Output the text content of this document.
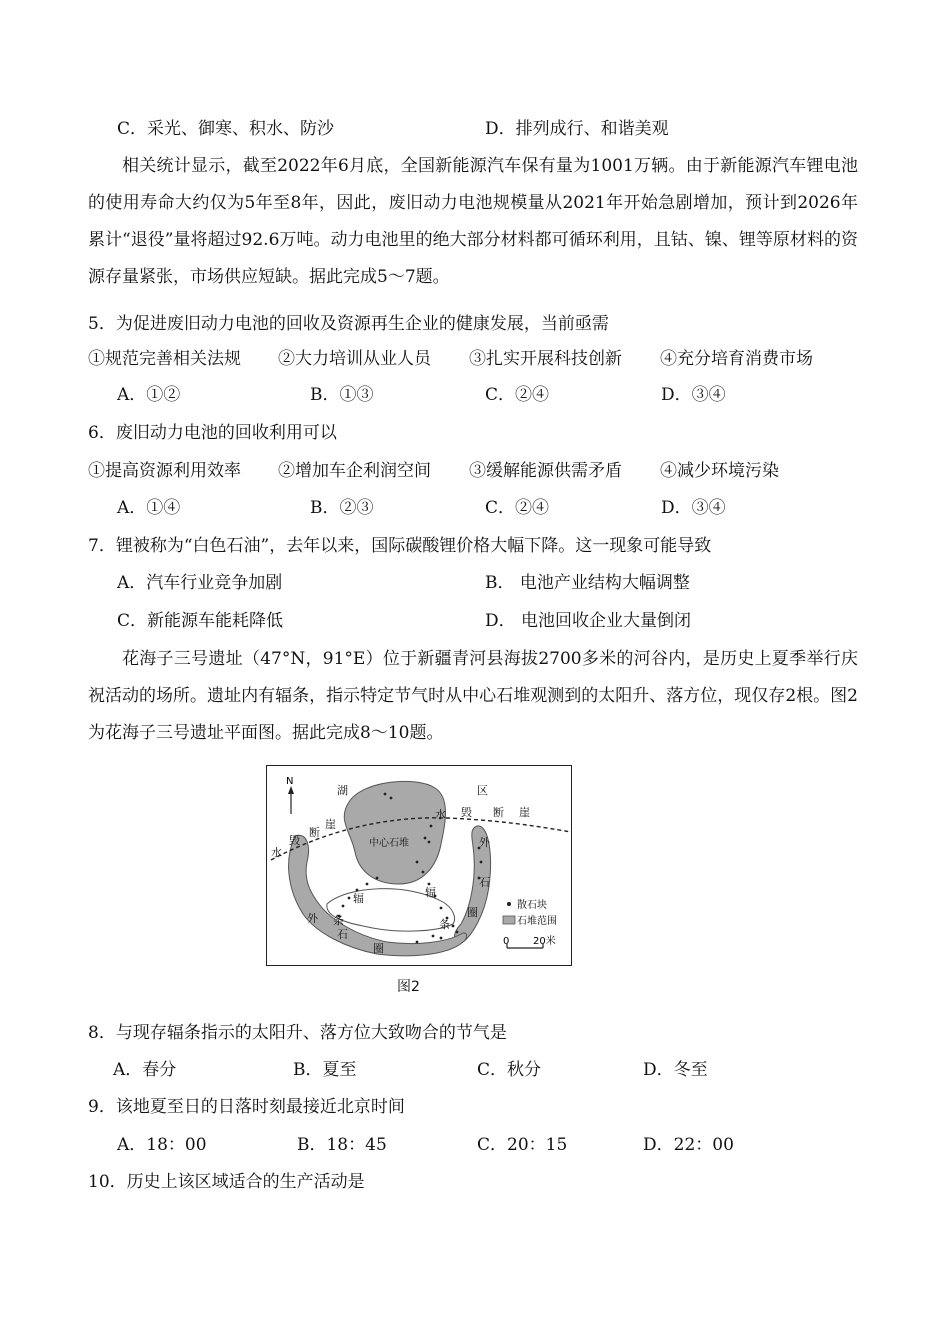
C．采光、御寒、积水、防沙	D．排列成行、和谐美观
相关统计显示，截至2022年6月底，全国新能源汽车保有量为1001万辆。由于新能源汽车锂电池的使用寿命大约仅为5年至8年，因此，废旧动力电池规模量从2021年开始急剧增加，预计到2026年累计“退役”量将超过92.6万吨。动力电池里的绝大部分材料都可循环利用，且钴、镍、锂等原材料的资源存量紧张，市场供应短缺。据此完成5～7题。
5．为促进废旧动力电池的回收及资源再生企业的健康发展，当前亟需
①规范完善相关法规 ②大力培训从业人员 ③扎实开展科技创新 ④充分培育消费市场
A．①②	B．①③	C．②④	D．③④
6．废旧动力电池的回收利用可以
①提高资源利用效率 ②增加车企利润空间 ③缓解能源供需矛盾 ④减少环境污染
A．①④	B．②③	C．②④	D．③④
7．锂被称为“白色石油”，去年以来，国际碳酸锂价格大幅下降。这一现象可能导致
A．汽车行业竞争加剧	B． 电池产业结构大幅调整
C．新能源车能耗降低	D． 电池回收企业大量倒闭
花海子三号遗址（47°N，91°E）位于新疆青河县海拔2700多米的河谷内，是历史上夏季举行庆祝活动的场所。遗址内有辐条，指示特定节气时从中心石堆观测到的太阳升、落方位，现仅存2根。图2为花海子三号遗址平面图。据此完成8～10题。
N
湖	区
水
毁
断
崖
水 毁 断 崖
中心石堆
辐
条
辐
条
外
石
圈
外
石
圈
散石块
石堆范围
0 20米
图2
8．与现存辐条指示的太阳升、落方位大致吻合的节气是
A．春分	B．夏至	C．秋分	D．冬至
9．该地夏至日的日落时刻最接近北京时间
A．18：00	B．18：45	C．20：15	D．22：00
10．历史上该区域适合的生产活动是
